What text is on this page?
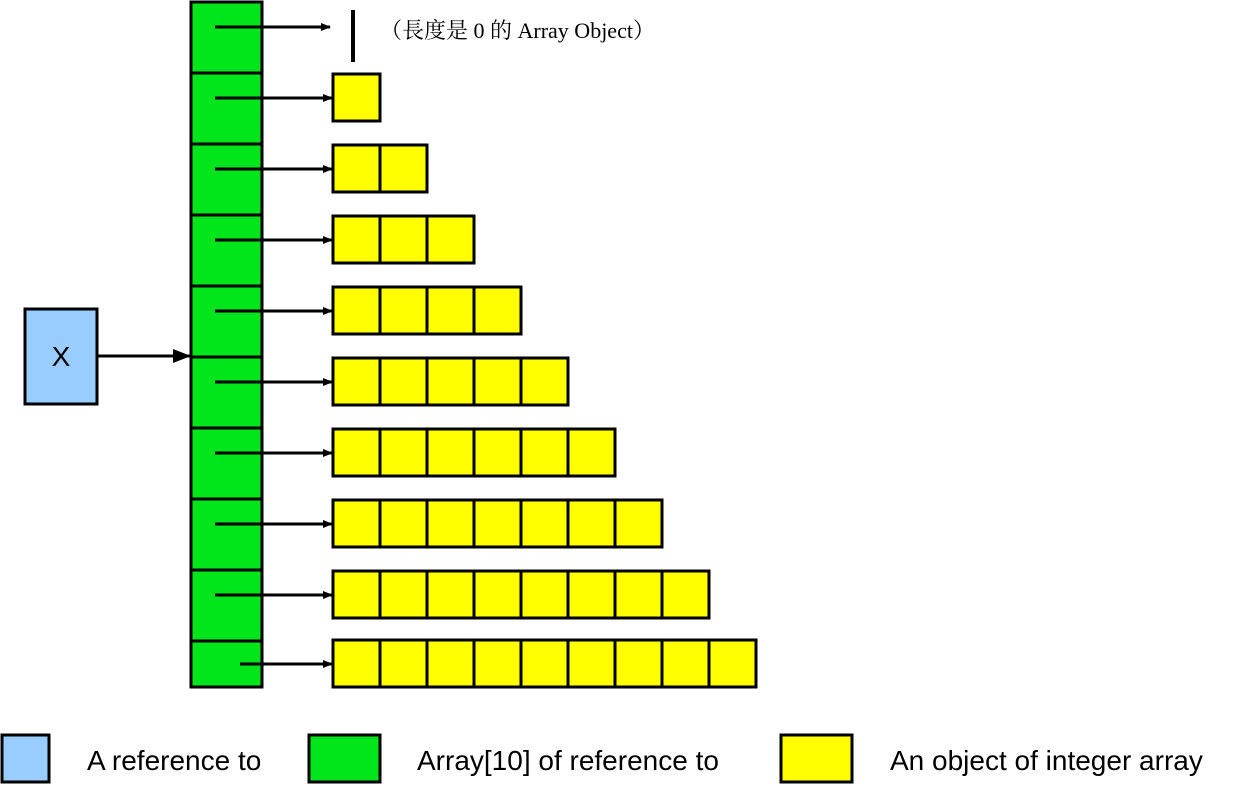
X
（長度是 0 的 Array Object）
A reference to	Array[10] of reference to	An object of integer array
